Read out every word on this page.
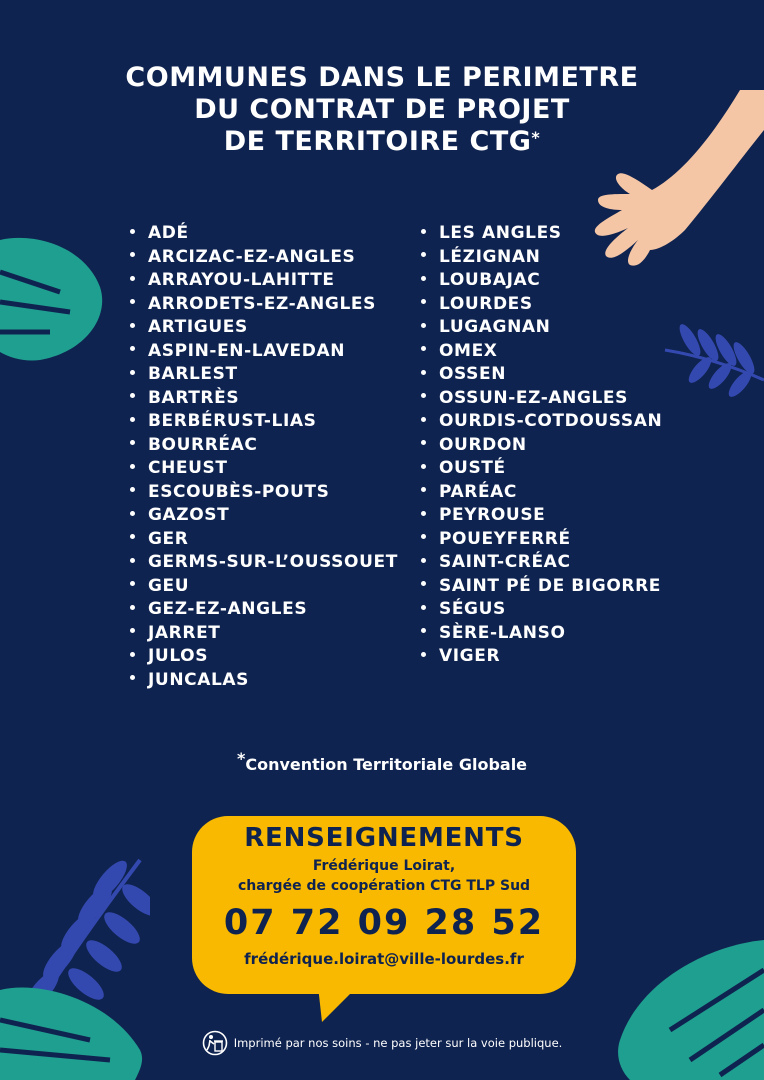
COMMUNES DANS LE PERIMETRE
DU CONTRAT DE PROJET
DE TERRITOIRE CTG*
ADÉ
ARCIZAC-EZ-ANGLES
ARRAYOU-LAHITTE
ARRODETS-EZ-ANGLES
ARTIGUES
ASPIN-EN-LAVEDAN
BARLEST
BARTRÈS
BERBÉRUST-LIAS
BOURRÉAC
CHEUST
ESCOUBÈS-POUTS
GAZOST
GER
GERMS-SUR-L’OUSSOUET
GEU
GEZ-EZ-ANGLES
JARRET
JULOS
JUNCALAS
LES ANGLES
LÉZIGNAN
LOUBAJAC
LOURDES
LUGAGNAN
OMEX
OSSEN
OSSUN-EZ-ANGLES
OURDIS-COTDOUSSAN
OURDON
OUSTÉ
PARÉAC
PEYROUSE
POUEYFERRÉ
SAINT-CRÉAC
SAINT PÉ DE BIGORRE
SÉGUS
SÈRE-LANSO
VIGER
*Convention Territoriale Globale
RENSEIGNEMENTS
Frédérique Loirat,
chargée de coopération CTG TLP Sud
07 72 09 28 52
frédérique.loirat@ville-lourdes.fr
Imprimé par nos soins - ne pas jeter sur la voie publique.
